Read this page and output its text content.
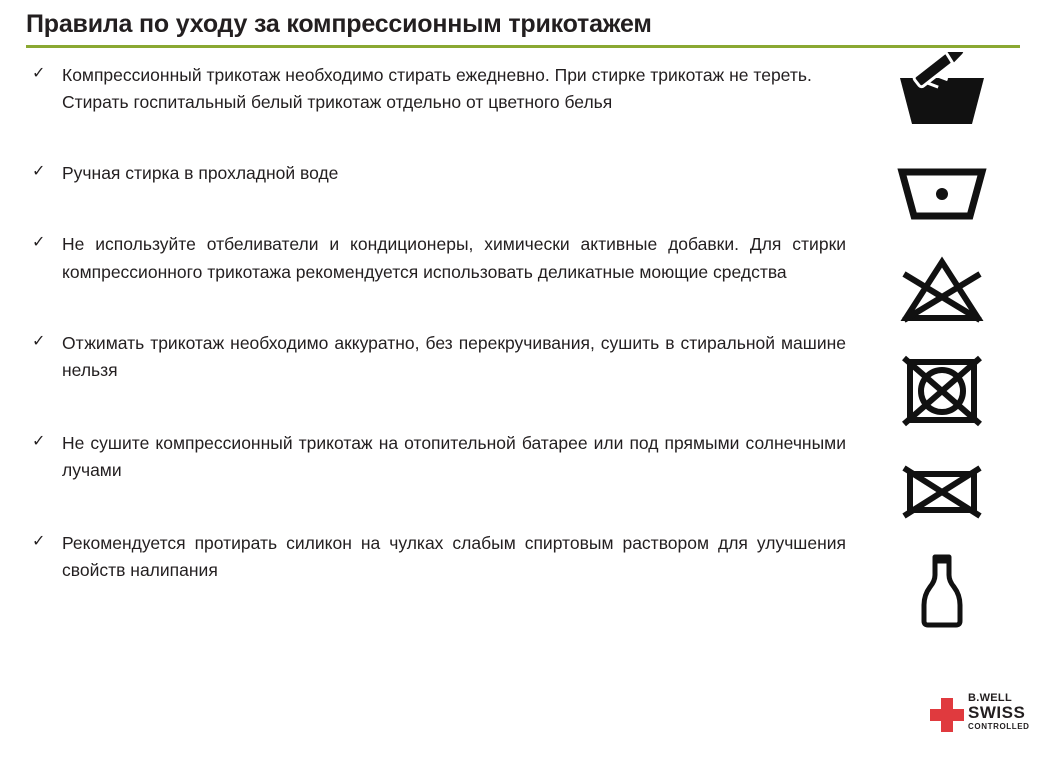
Правила по уходу за компрессионным трикотажем
✓ Компрессионный трикотаж необходимо стирать ежедневно. При стирке трикотаж не тереть. Стирать госпитальный белый трикотаж отдельно от цветного белья
✓ Ручная стирка в прохладной воде
✓ Не используйте отбеливатели и кондиционеры, химически активные добавки. Для стирки компрессионного трикотажа рекомендуется использовать деликатные моющие средства
✓ Отжимать трикотаж необходимо аккуратно, без перекручивания, сушить в стиральной машине нельзя
✓ Не сушите компрессионный трикотаж на отопительной батарее или под прямыми солнечными лучами
✓ Рекомендуется протирать силикон на чулках слабым спиртовым раствором для улучшения свойств налипания
B.WELL
SWISS
CONTROLLED
